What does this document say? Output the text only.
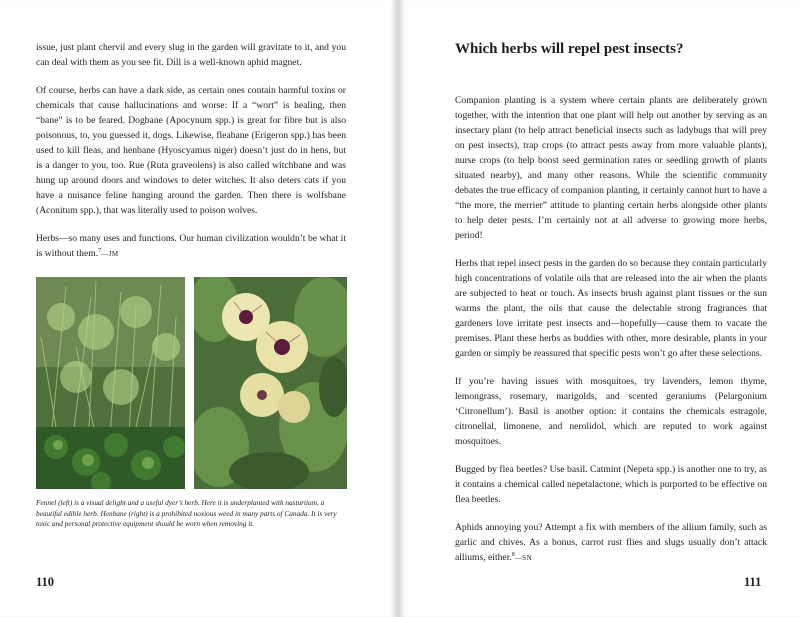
issue, just plant chervil and every slug in the garden will gravitate to it, and you can deal with them as you see fit. Dill is a well-known aphid magnet.

Of course, herbs can have a dark side, as certain ones contain harmful toxins or chemicals that cause hallucinations and worse: If a “wort” is healing, then “bane” is to be feared. Dogbane (Apocynum spp.) is great for fibre but is also poisonous, to, you guessed it, dogs. Likewise, fleabane (Erigeron spp.) has been used to kill fleas, and henbane (Hyoscyamus niger) doesn’t just do in hens, but is a danger to you, too. Rue (Ruta graveolens) is also called witchbane and was hung up around doors and windows to deter witches. It also deters cats if you have a nuisance feline hanging around the garden. Then there is wolfsbane (Aconitum spp.), that was literally used to poison wolves.

Herbs—so many uses and functions. Our human civilization wouldn’t be what it is without them.$^7$—JM

Fennel (left) is a visual delight and a useful dyer’s herb. Here it is underplanted with nasturtium, a beautiful edible herb. Henbane (right) is a prohibited noxious weed in many parts of Canada. It is very toxic and personal protective equipment should be worn when removing it.

110

Which herbs will repel pest insects?

Companion planting is a system where certain plants are deliberately grown together, with the intention that one plant will help out another by serving as an insectary plant (to help attract beneficial insects such as ladybugs that will prey on pest insects), trap crops (to attract pests away from more valuable plants), nurse crops (to help boost seed germination rates or seedling growth of plants situated nearby), and many other reasons. While the scientific community debates the true efficacy of companion planting, it certainly cannot hurt to have a “the more, the merrier” attitude to planting certain herbs alongside other plants to help deter pests. I’m certainly not at all adverse to growing more herbs, period!

Herbs that repel insect pests in the garden do so because they contain particularly high concentrations of volatile oils that are released into the air when the plants are subjected to heat or touch. As insects brush against plant tissues or the sun warms the plant, the oils that cause the delectable strong fragrances that gardeners love irritate pest insects and—hopefully—cause them to vacate the premises. Plant these herbs as buddies with other, more desirable, plants in your garden or simply be reassured that specific pests won’t go after these selections.

If you’re having issues with mosquitoes, try lavenders, lemon thyme, lemongrass, rosemary, marigolds, and scented geraniums (Pelargonium ‘Citronellum’). Basil is another option: it contains the chemicals estragole, citronellal, limonene, and nerolidol, which are reputed to work against mosquitoes.

Bugged by flea beetles? Use basil. Catmint (Nepeta spp.) is another one to try, as it contains a chemical called nepetalactone, which is purported to be effective on flea beetles.

Aphids annoying you? Attempt a fix with members of the allium family, such as garlic and chives. As a bonus, carrot rust flies and slugs usually don’t attack alliums, either.$^8$—SN

111
